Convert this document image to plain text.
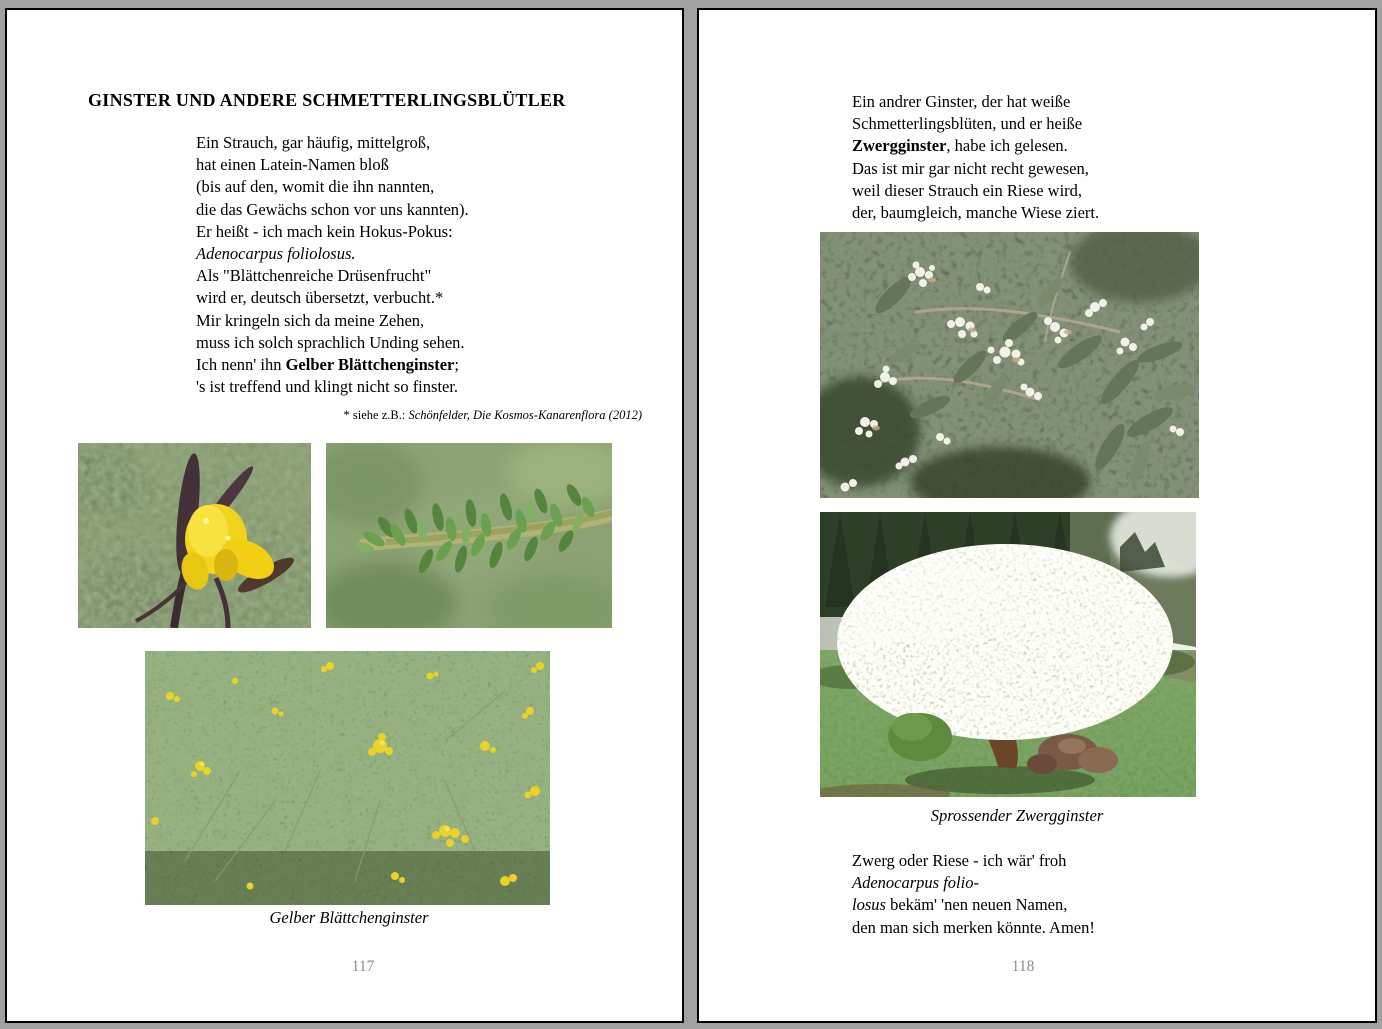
GINSTER UND ANDERE SCHMETTERLINGSBLÜTLER
Ein Strauch, gar häufig, mittelgroß,
hat einen Latein-Namen bloß
(bis auf den, womit die ihn nannten,
die das Gewächs schon vor uns kannten).
Er heißt - ich mach kein Hokus-Pokus:
Adenocarpus foliolosus.
Als "Blättchenreiche Drüsenfrucht"
wird er, deutsch übersetzt, verbucht.*
Mir kringeln sich da meine Zehen,
muss ich solch sprachlich Unding sehen.
Ich nenn' ihn Gelber Blättchenginster;
's ist treffend und klingt nicht so finster.
* siehe z.B.: Schönfelder, Die Kosmos-Kanarenflora (2012)
Gelber Blättchenginster
117
Ein andrer Ginster, der hat weiße
Schmetterlingsblüten, und er heiße
Zwergginster, habe ich gelesen.
Das ist mir gar nicht recht gewesen,
weil dieser Strauch ein Riese wird,
der, baumgleich, manche Wiese ziert.
Sprossender Zwergginster
Zwerg oder Riese - ich wär' froh
Adenocarpus folio-
losus bekäm' 'nen neuen Namen,
den man sich merken könnte. Amen!
118
